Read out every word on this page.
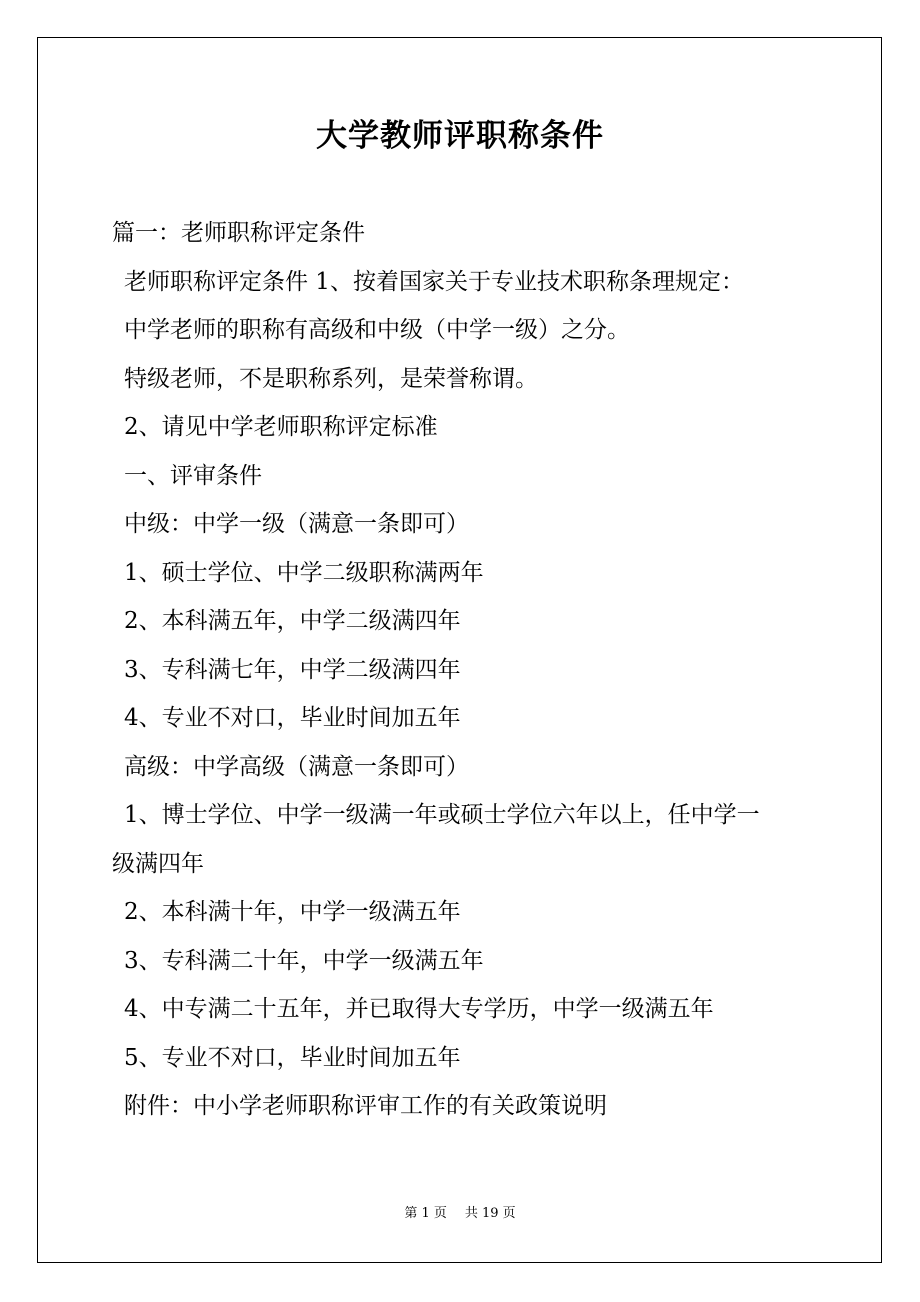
大学教师评职称条件
篇一：老师职称评定条件
老师职称评定条件 1、按着国家关于专业技术职称条理规定：
中学老师的职称有高级和中级（中学一级）之分。
特级老师，不是职称系列，是荣誉称谓。
2、请见中学老师职称评定标准
一、评审条件
中级：中学一级（满意一条即可）
1、硕士学位、中学二级职称满两年
2、本科满五年，中学二级满四年
3、专科满七年，中学二级满四年
4、专业不对口，毕业时间加五年
高级：中学高级（满意一条即可）
1、博士学位、中学一级满一年或硕士学位六年以上，任中学一
级满四年
2、本科满十年，中学一级满五年
3、专科满二十年，中学一级满五年
4、中专满二十五年，并已取得大专学历，中学一级满五年
5、专业不对口，毕业时间加五年
附件：中小学老师职称评审工作的有关政策说明
第 1 页 共 19 页
